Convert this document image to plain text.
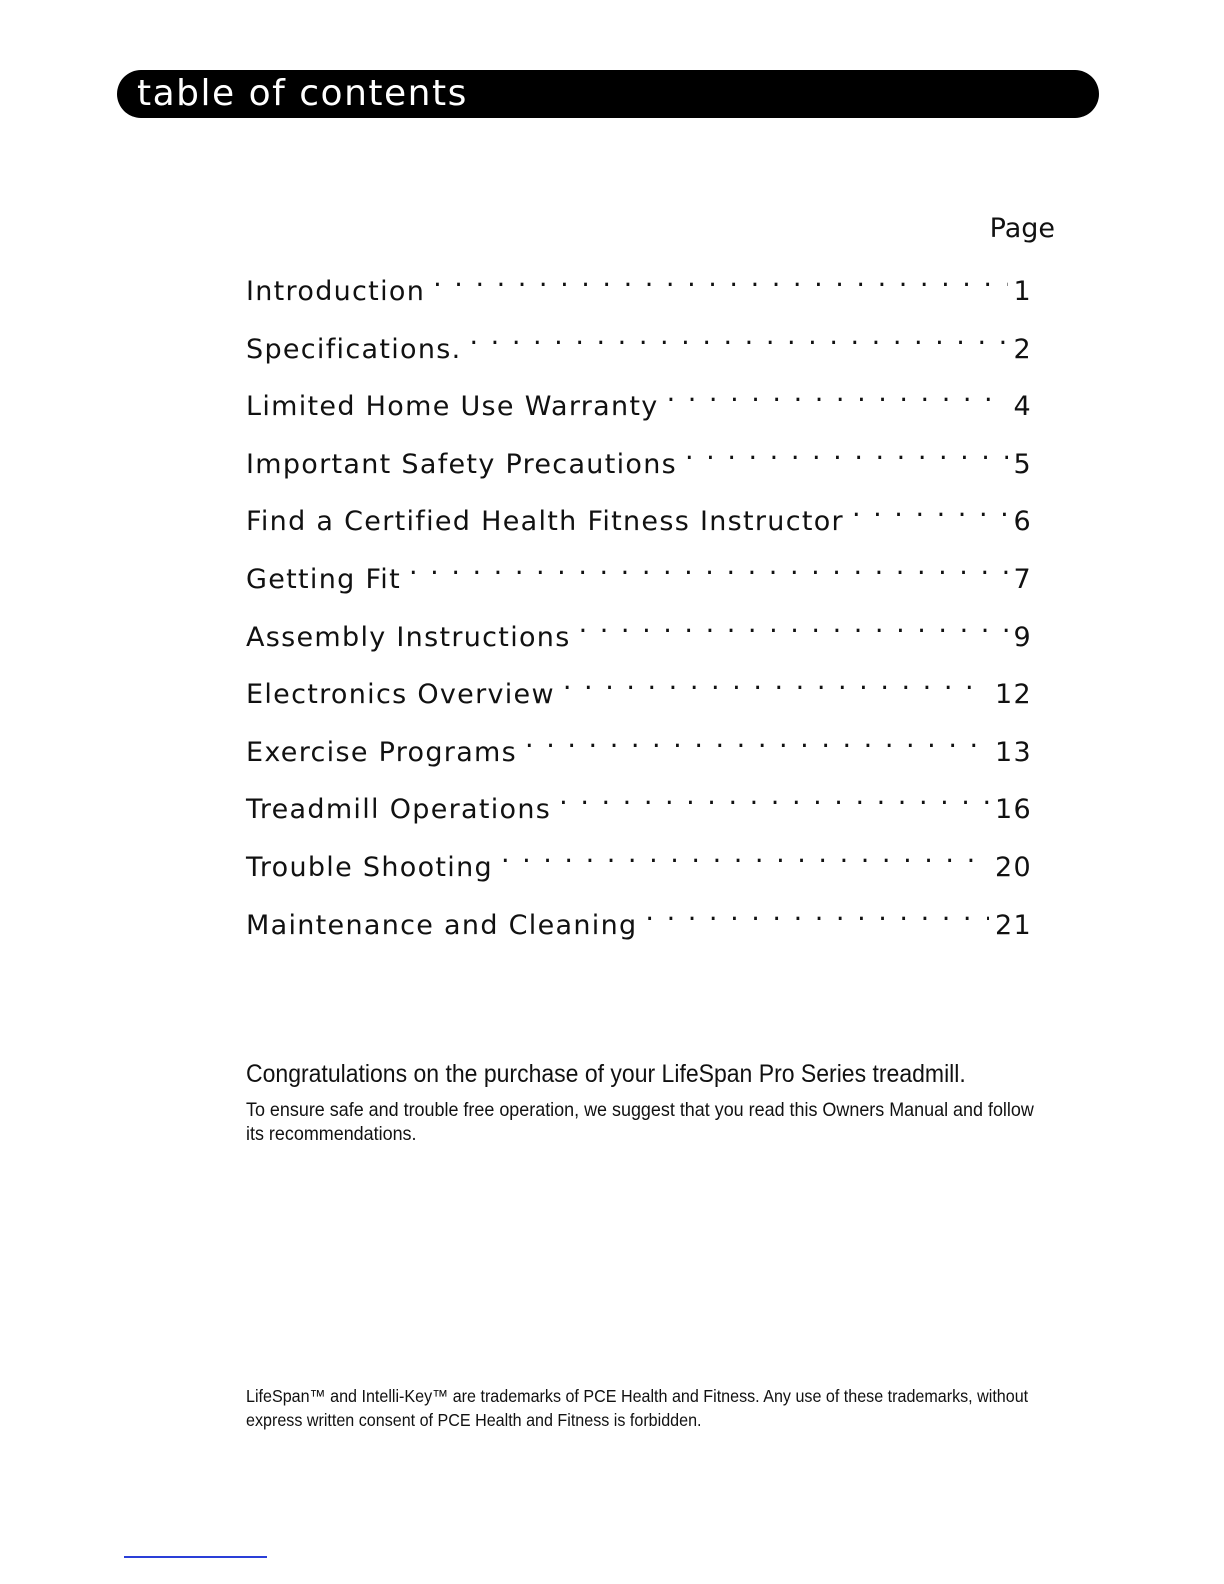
table of contents
Page
Introduction . . .	1
Specifications. . . .	2
Limited Home Use Warranty . . .	4
Important Safety Precautions . . .	5
Find a Certified Health Fitness Instructor . . .	6
Getting Fit . . .	7
Assembly Instructions . . .	9
Electronics Overview . . .	12
Exercise Programs . . .	13
Treadmill Operations . . .	16
Trouble Shooting . . .	20
Maintenance and Cleaning . . .	21
Congratulations on the purchase of your LifeSpan Pro Series treadmill.
To ensure safe and trouble free operation, we suggest that you read this Owners Manual and follow its recommendations.
LifeSpan™ and Intelli-Key™ are trademarks of PCE Health and Fitness. Any use of these trademarks, without express written consent of PCE Health and Fitness is forbidden.
